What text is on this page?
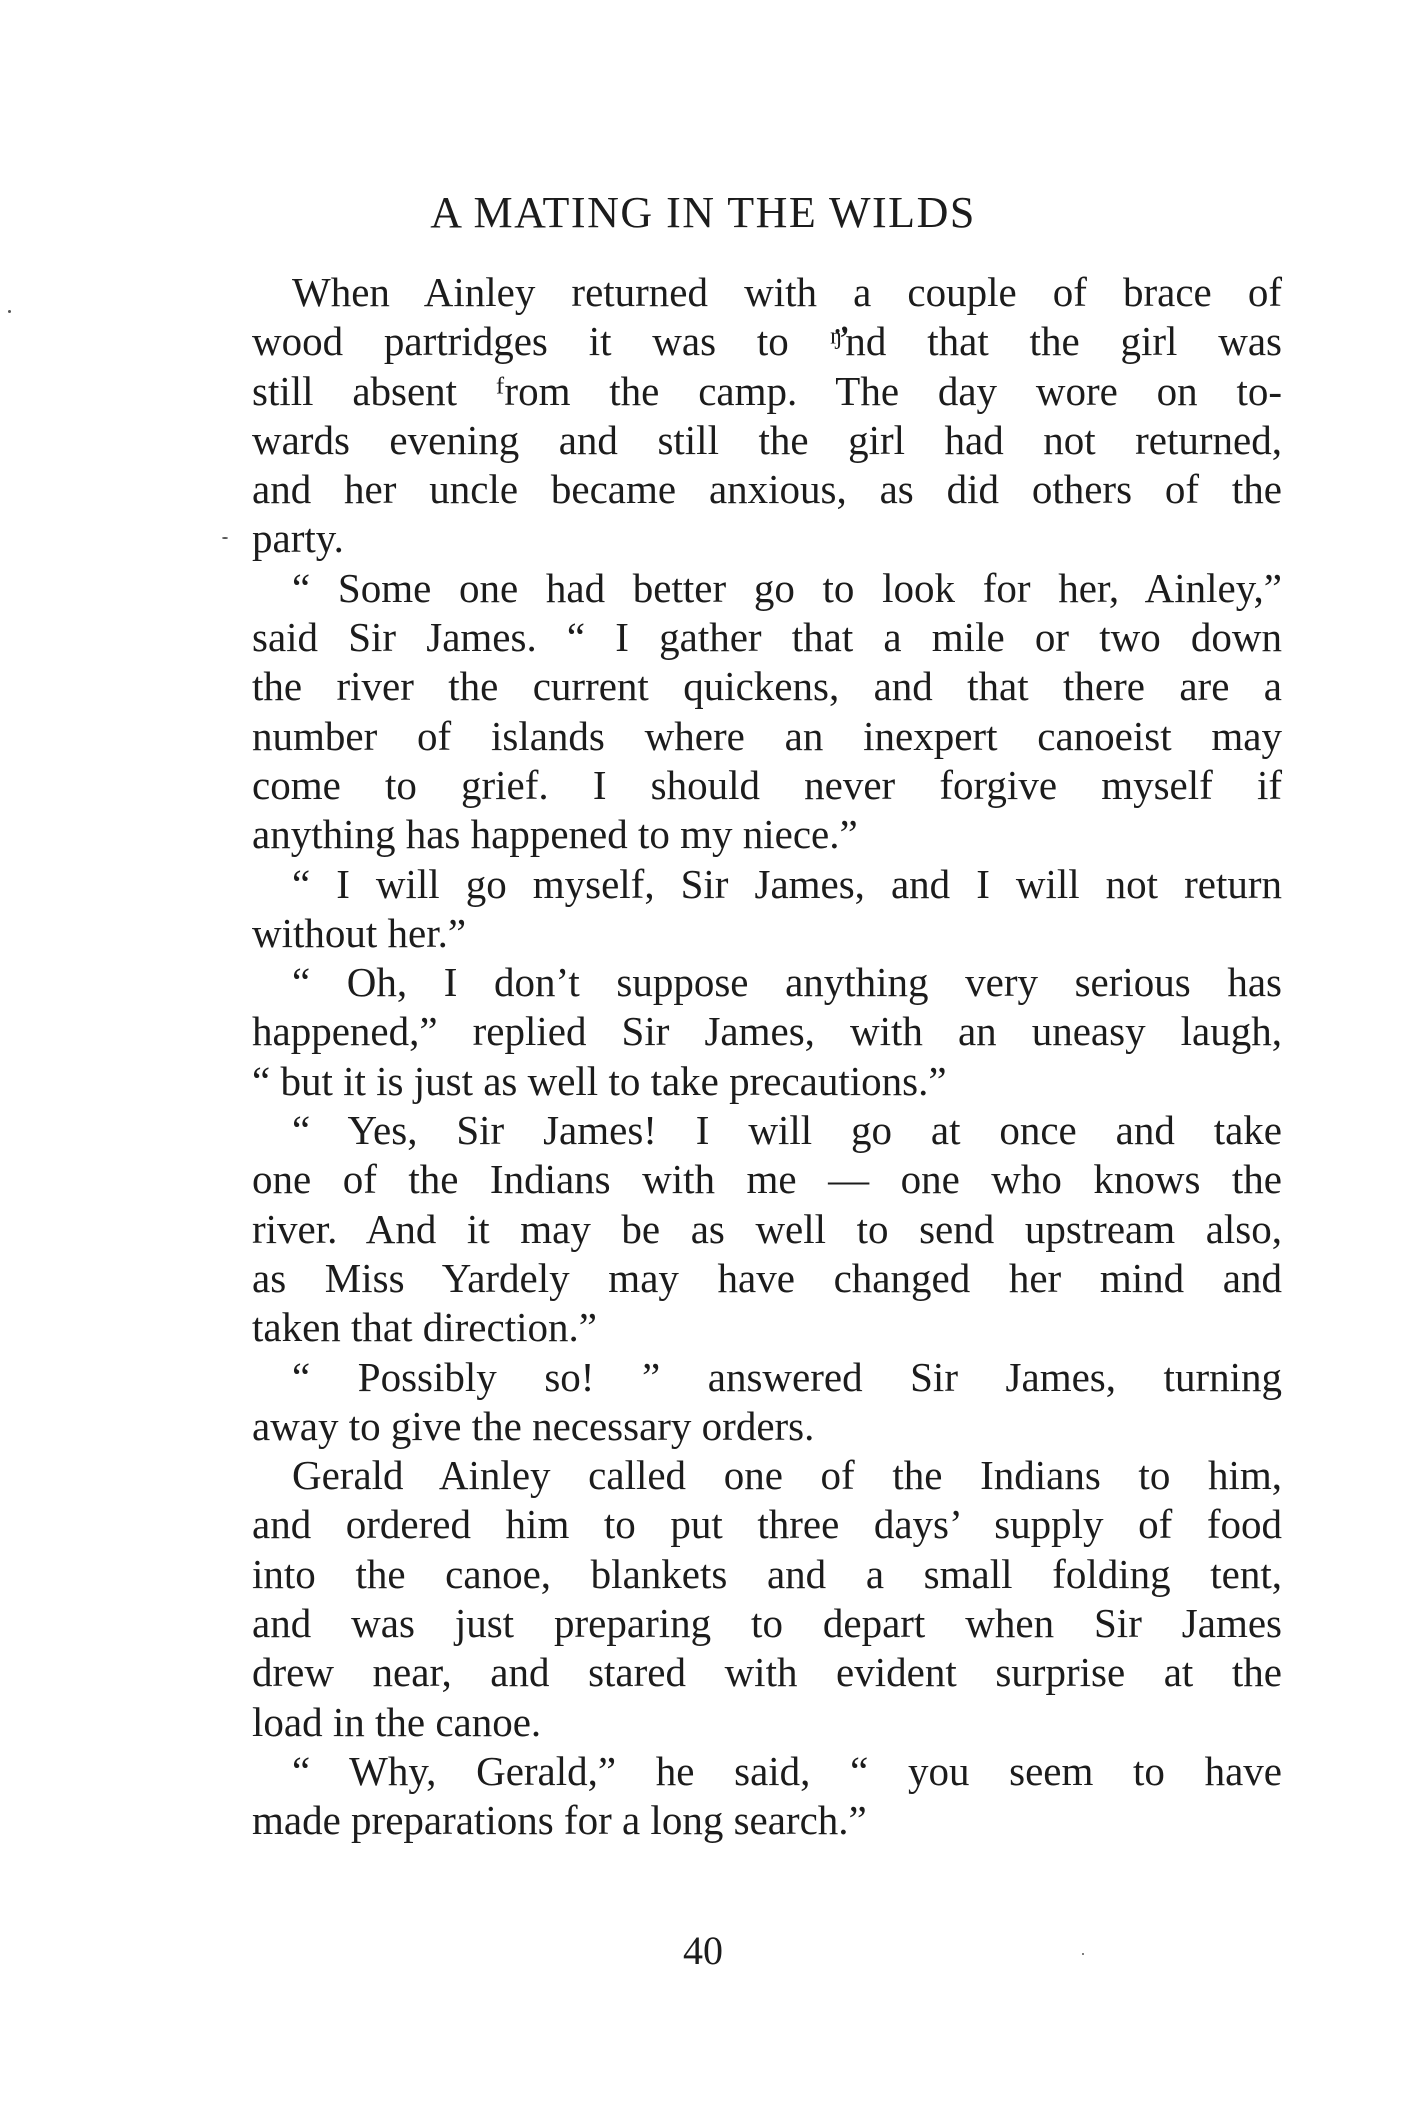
A MATING IN THE WILDS
When Ainley returned with a couple of brace of
wood partridges it was to ᵑ̈ŉd that the girl was
still absent ᶠrom the camp. The day wore on to-
wards evening and still the girl had not returned,
and her uncle became anxious, as did others of the
party.
“ Some one had better go to look for her, Ainley,”
said Sir James. “ I gather that a mile or two down
the river the current quickens, and that there are a
number of islands where an inexpert canoeist may
come to grief. I should never forgive myself if
anything has happened to my niece.”
“ I will go myself, Sir James, and I will not return
without her.”
“ Oh, I don’t suppose anything very serious has
happened,” replied Sir James, with an uneasy laugh,
“ but it is just as well to take precautions.”
“ Yes, Sir James! I will go at once and take
one of the Indians with me — one who knows the
river. And it may be as well to send upstream also,
as Miss Yardely may have changed her mind and
taken that direction.”
“ Possibly so! ” answered Sir James, turning
away to give the necessary orders.
Gerald Ainley called one of the Indians to him,
and ordered him to put three days’ supply of food
into the canoe, blankets and a small folding tent,
and was just preparing to depart when Sir James
drew near, and stared with evident surprise at the
load in the canoe.
“ Why, Gerald,” he said, “ you seem to have
made preparations for a long search.”
40
